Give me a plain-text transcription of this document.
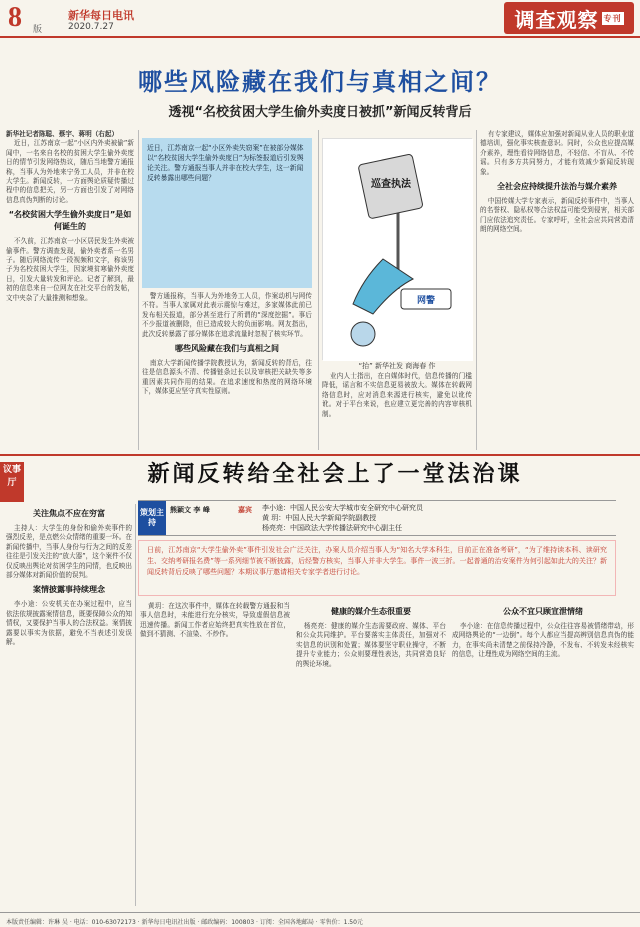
8 版
新华每日电讯
2020.7.27	调查观察 专刊
哪些风险藏在我们与真相之间？
透视“名校贫困大学生偷外卖度日被抓”新闻反转背后

新华社记者陈聪、蔡宇、蒋明（右起）

近日，江苏南京一起“小区内外卖被偷”新闻中，一名来自名校的贫困大学生偷外卖度日的情节引发网络热议，随后当地警方通报称，当事人为外地来宁务工人员，并非在校大学生。新闻反转，一方面舆论质疑传播过程中的信息把关，另一方面也引发了对网络信息真伪判断的讨论。

“名校贫困大学生偷外卖度日”是如何诞生的

不久前，江苏南京一小区居民发生外卖被偷事件。警方调查发现，偷外卖者系一名男子。随后网络流传一段视频和文字，称该男子为名校贫困大学生，因家境贫寒偷外卖度日，引发大量转发和评论。记者了解到，最初的信息来自一位网友在社交平台的发帖，文中夹杂了大量推测和想象。

近日，江苏南京一起“小区外卖失窃案”在被部分媒体以“名校贫困大学生偷外卖度日”为标签报道后引发舆论关注。警方通报当事人并非在校大学生，这一新闻反转暴露出哪些问题？

警方通报称，当事人为外地务工人员，作案动机与网传不符。当事人家属对此表示震惊与难过，多家媒体此前已发布相关报道，部分甚至进行了所谓的“深度挖掘”。事后不少报道被删除，但已造成较大的负面影响。网友指出，此次反转暴露了部分媒体在追求流量时忽视了核实环节。

哪些风险藏在我们与真相之间

南京大学新闻传播学院教授认为，新闻反转的背后，往往是信息源头不清、传播链条过长以及审核把关缺失等多重因素共同作用的结果。在追求速度和热度的网络环境下，媒体更应坚守真实性原则。

巡查执法
网警
“抬” 新华社发 商海春 作

业内人士指出，在自媒体时代，信息传播的门槛降低，谣言和不实信息更易被放大。媒体在转载网络信息时，应对消息来源进行核实，避免以讹传讹。对于平台来说，也应建立更完善的内容审核机制。

有专家建议，媒体应加强对新闻从业人员的职业道德培训，强化事实核查意识。同时，公众也应提高媒介素养，理性看待网络信息，不轻信、不盲从、不传谣。只有多方共同努力，才能有效减少新闻反转现象。

全社会应持续提升法治与媒介素养

中国传媒大学专家表示，新闻反转事件中，当事人的名誉权、隐私权等合法权益可能受到侵害，相关部门应依法追究责任。专家呼吁，全社会应共同营造清朗的网络空间。

议事厅	新闻反转给全社会上了一堂法治课
策划主持
熊颖文 李 峰	嘉宾	李小途：中国人民公安大学城市安全研究中心研究员
黄 玥：中国人民大学新闻学院副教授
杨亮亮：中国政法大学传播法研究中心副主任
日前，江苏南京“大学生偷外卖”事件引发社会广泛关注，办案人员介绍当事人为“知名大学本科生，目前正在准备考研”，“为了维持读本科、读研究生、交纳考研报名费”等一系列细节被不断披露，后经警方核实，当事人并非大学生。事件一波三折。一起普通的治安案件为何引起如此大的关注？新闻反转背后反映了哪些问题？本期议事厅邀请相关专家学者进行讨论。
关注焦点不应在穷富

主持人：大学生的身份和偷外卖事件的强烈反差，是点燃公众情绪的重要一环。在新闻传播中，当事人身份与行为之间的反差往往是引发关注的“放大器”，这个案件不仅仅反映出舆论对贫困学生的同情，也反映出部分媒体对新闻价值的误判。

案情披露事持续理念

李小途：公安机关在办案过程中，应当依法依规披露案情信息，既要保障公众的知情权，又要保护当事人的合法权益。案情披露要以事实为依据，避免不当表述引发误解。

黄玥：在这次事件中，媒体在转载警方通报和当事人信息时，未能进行充分核实，导致虚假信息被迅速传播。新闻工作者应始终把真实性放在首位，做到不猜测、不渲染、不炒作。

健康的媒介生态很重要

杨亮亮：健康的媒介生态需要政府、媒体、平台和公众共同维护。平台要落实主体责任，加强对不实信息的识别和处置；媒体要坚守职业操守，不断提升专业能力；公众则要理性表达，共同营造良好的舆论环境。

公众不宜只顾宣泄情绪

李小途：在信息传播过程中，公众往往容易被情绪带动，形成网络舆论的“一边倒”。每个人都应当提高辨别信息真伪的能力，在事实尚未清楚之前保持冷静，不发布、不转发未经核实的信息，让理性成为网络空间的主流。

本版责任编辑：许琳 吴 · 电话：010-63072173 · 新华每日电讯社出版 · 邮政编码：100803 · 订阅：全国各地邮局 · 零售价：1.50元
